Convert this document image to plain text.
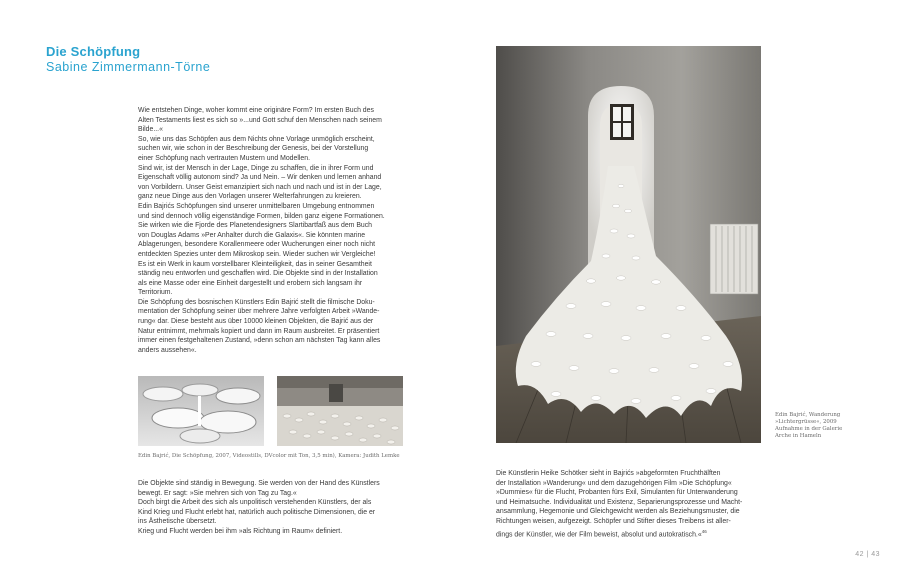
Die Schöpfung
Sabine Zimmermann-Törne
Wie entstehen Dinge, woher kommt eine originäre Form? Im ersten Buch des
Alten Testaments liest es sich so »...und Gott schuf den Menschen nach seinem
Bilde...«
So, wie uns das Schöpfen aus dem Nichts ohne Vorlage unmöglich erscheint,
suchen wir, wie schon in der Beschreibung der Genesis, bei der Vorstellung
einer Schöpfung nach vertrauten Mustern und Modellen.
Sind wir, ist der Mensch in der Lage, Dinge zu schaffen, die in ihrer Form und
Eigenschaft völlig autonom sind? Ja und Nein. – Wir denken und lernen anhand
von Vorbildern. Unser Geist emanzipiert sich nach und nach und ist in der Lage,
ganz neue Dinge aus den Vorlagen unserer Welterfahrungen zu kreieren.
Edin Bajrićs Schöpfungen sind unserer unmittelbaren Umgebung entnommen
und sind dennoch völlig eigenständige Formen, bilden ganz eigene Formationen.
Sie wirken wie die Fjorde des Planetendesigners Slartibartfaß aus dem Buch
von Douglas Adams »Per Anhalter durch die Galaxis«. Sie könnten marine
Ablagerungen, besondere Korallenmeere oder Wucherungen einer noch nicht
entdeckten Spezies unter dem Mikroskop sein. Wieder suchen wir Vergleiche!
Es ist ein Werk in kaum vorstellbarer Kleinteiligkeit, das in seiner Gesamtheit
ständig neu entworfen und geschaffen wird. Die Objekte sind in der Installation
als eine Masse oder eine Einheit dargestellt und erobern sich langsam ihr
Territorium.
Die Schöpfung des bosnischen Künstlers Edin Bajrić stellt die filmische Doku-
mentation der Schöpfung seiner über mehrere Jahre verfolgten Arbeit »Wande-
rung« dar. Diese besteht aus über 10000 kleinen Objekten, die Bajrić aus der
Natur entnimmt, mehrmals kopiert und dann im Raum ausbreitet. Er präsentiert
immer einen festgehaltenen Zustand, »denn schon am nächsten Tag kann alles
anders aussehen«.
Edin Bajrić, Die Schöpfung, 2007, Videostills, DVcolor mit Ton, 3,5 min), Kamera: Judith Lemke
Die Objekte sind ständig in Bewegung. Sie werden von der Hand des Künstlers
bewegt. Er sagt: »Sie mehren sich von Tag zu Tag.«
Doch birgt die Arbeit des sich als unpolitisch verstehenden Künstlers, der als
Kind Krieg und Flucht erlebt hat, natürlich auch politische Dimensionen, die er
ins Ästhetische übersetzt.
Krieg und Flucht werden bei ihm »als Richtung im Raum« definiert.
Edin Bajrić, Wanderung
»Lichtergrüsse«, 2009
Aufnahme in der Galerie
Arche in Hameln
Die Künstlerin Heike Schötker sieht in Bajrićs »abgeformten Fruchthälften
der Installation »Wanderung« und dem dazugehörigen Film »Die Schöpfung«
»Dummies« für die Flucht, Probanten fürs Exil, Simulanten für Unterwanderung
und Heimatsuche. Individualität und Existenz, Separierungsprozesse und Macht-
ansammlung, Hegemonie und Gleichgewicht werden als Beziehungsmuster, die
Richtungen weisen, aufgezeigt. Schöpfer und Stifter dieses Treibens ist aller-
dings der Künstler, wie der Film beweist, absolut und autokratisch.«$^{46}$
42 | 43
